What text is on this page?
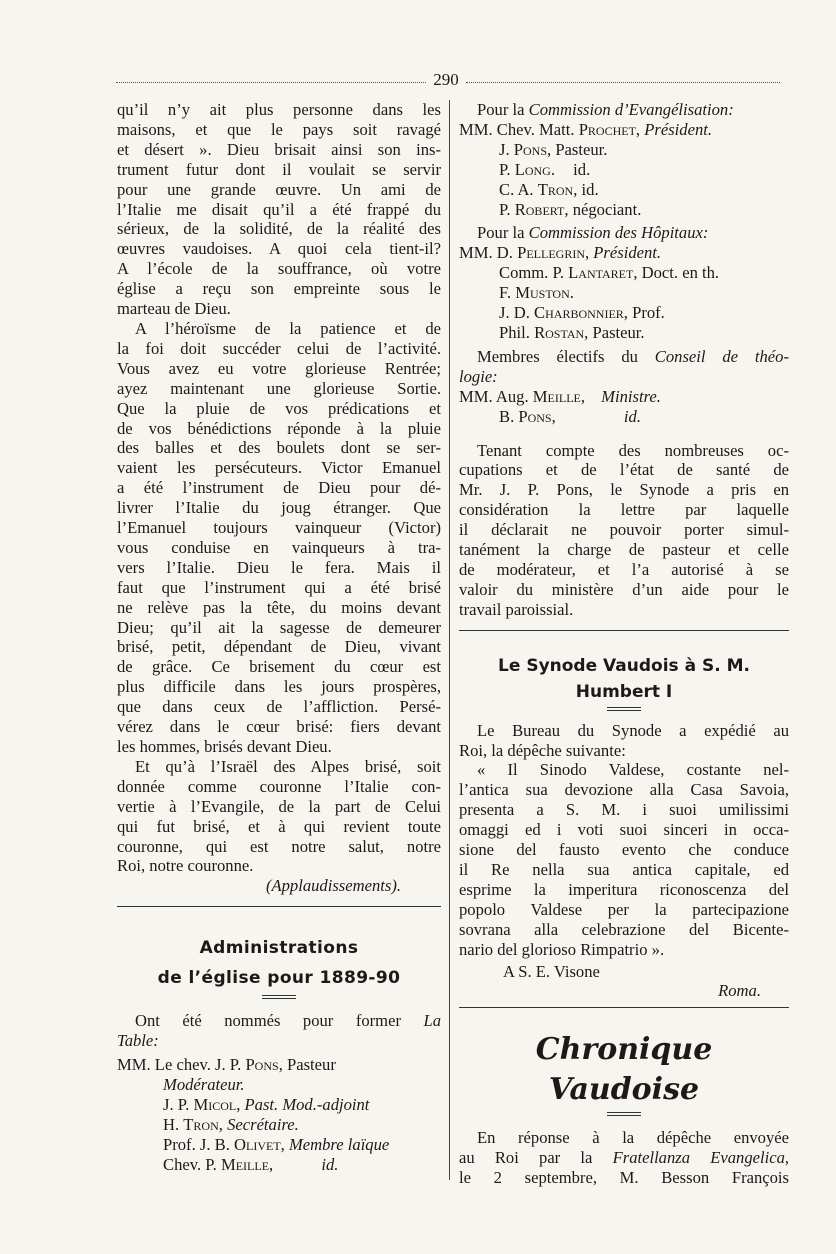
290
qu’il n’y ait plus personne dans les
maisons, et que le pays soit ravagé
et désert ». Dieu brisait ainsi son ins-
trument futur dont il voulait se servir
pour une grande œuvre. Un ami de
l’Italie me disait qu’il a été frappé du
sérieux, de la solidité, de la réalité des
œuvres vaudoises. A quoi cela tient-il?
A l’école de la souffrance, où votre
église a reçu son empreinte sous le
marteau de Dieu.
A l’héroïsme de la patience et de
la foi doit succéder celui de l’activité.
Vous avez eu votre glorieuse Rentrée;
ayez maintenant une glorieuse Sortie.
Que la pluie de vos prédications et
de vos bénédictions réponde à la pluie
des balles et des boulets dont se ser-
vaient les persécuteurs. Victor Emanuel
a été l’instrument de Dieu pour dé-
livrer l’Italie du joug étranger. Que
l’Emanuel toujours vainqueur (Victor)
vous conduise en vainqueurs à tra-
vers l’Italie. Dieu le fera. Mais il
faut que l’instrument qui a été brisé
ne relève pas la tête, du moins devant
Dieu; qu’il ait la sagesse de demeurer
brisé, petit, dépendant de Dieu, vivant
de grâce. Ce brisement du cœur est
plus difficile dans les jours prospères,
que dans ceux de l’affliction. Persé-
vérez dans le cœur brisé: fiers devant
les hommes, brisés devant Dieu.
Et qu’à l’Israël des Alpes brisé, soit
donnée comme couronne l’Italie con-
vertie à l’Evangile, de la part de Celui
qui fut brisé, et à qui revient toute
couronne, qui est notre salut, notre
Roi, notre couronne.
(Applaudissements).
Administrations
de l’église pour 1889-90
Ont été nommés pour former La
Table:
MM. Le chev. J. P. Pons, Pasteur
Modérateur.
J. P. Micol, Past. Mod.-adjoint
H. Tron, Secrétaire.
Prof. J. B. Olivet, Membre laïque
Chev. P. Meille,	id.
Pour la Commission d’Evangélisation:
MM. Chev. Matt. Prochet, Président.
J. Pons, Pasteur.
P. Long. id.
C. A. Tron, id.
P. Robert, négociant.
Pour la Commission des Hôpitaux:
MM. D. Pellegrin, Président.
Comm. P. Lantaret, Doct. en th.
F. Muston.
J. D. Charbonnier, Prof.
Phil. Rostan, Pasteur.
Membres électifs du Conseil de théo-
logie:
MM. Aug. Meille, Ministre.
B. Pons,	id.
Tenant compte des nombreuses oc-
cupations et de l’état de santé de
Mr. J. P. Pons, le Synode a pris en
considération la lettre par laquelle
il déclarait ne pouvoir porter simul-
tanément la charge de pasteur et celle
de modérateur, et l’a autorisé à se
valoir du ministère d’un aide pour le
travail paroissial.
Le Synode Vaudois à S. M. Humbert I
Le Bureau du Synode a expédié au
Roi, la dépêche suivante:
« Il Sinodo Valdese, costante nel-
l’antica sua devozione alla Casa Savoia,
presenta a S. M. i suoi umilissimi
omaggi ed i voti suoi sinceri in occa-
sione del fausto evento che conduce
il Re nella sua antica capitale, ed
esprime la imperitura riconoscenza del
popolo Valdese per la partecipazione
sovrana alla celebrazione del Bicente-
nario del glorioso Rimpatrio ».
A S. E. Visone
Roma.
Chronique Vaudoise
En réponse à la dépêche envoyée
au Roi par la Fratellanza Evangelica,
le 2 septembre, M. Besson François
